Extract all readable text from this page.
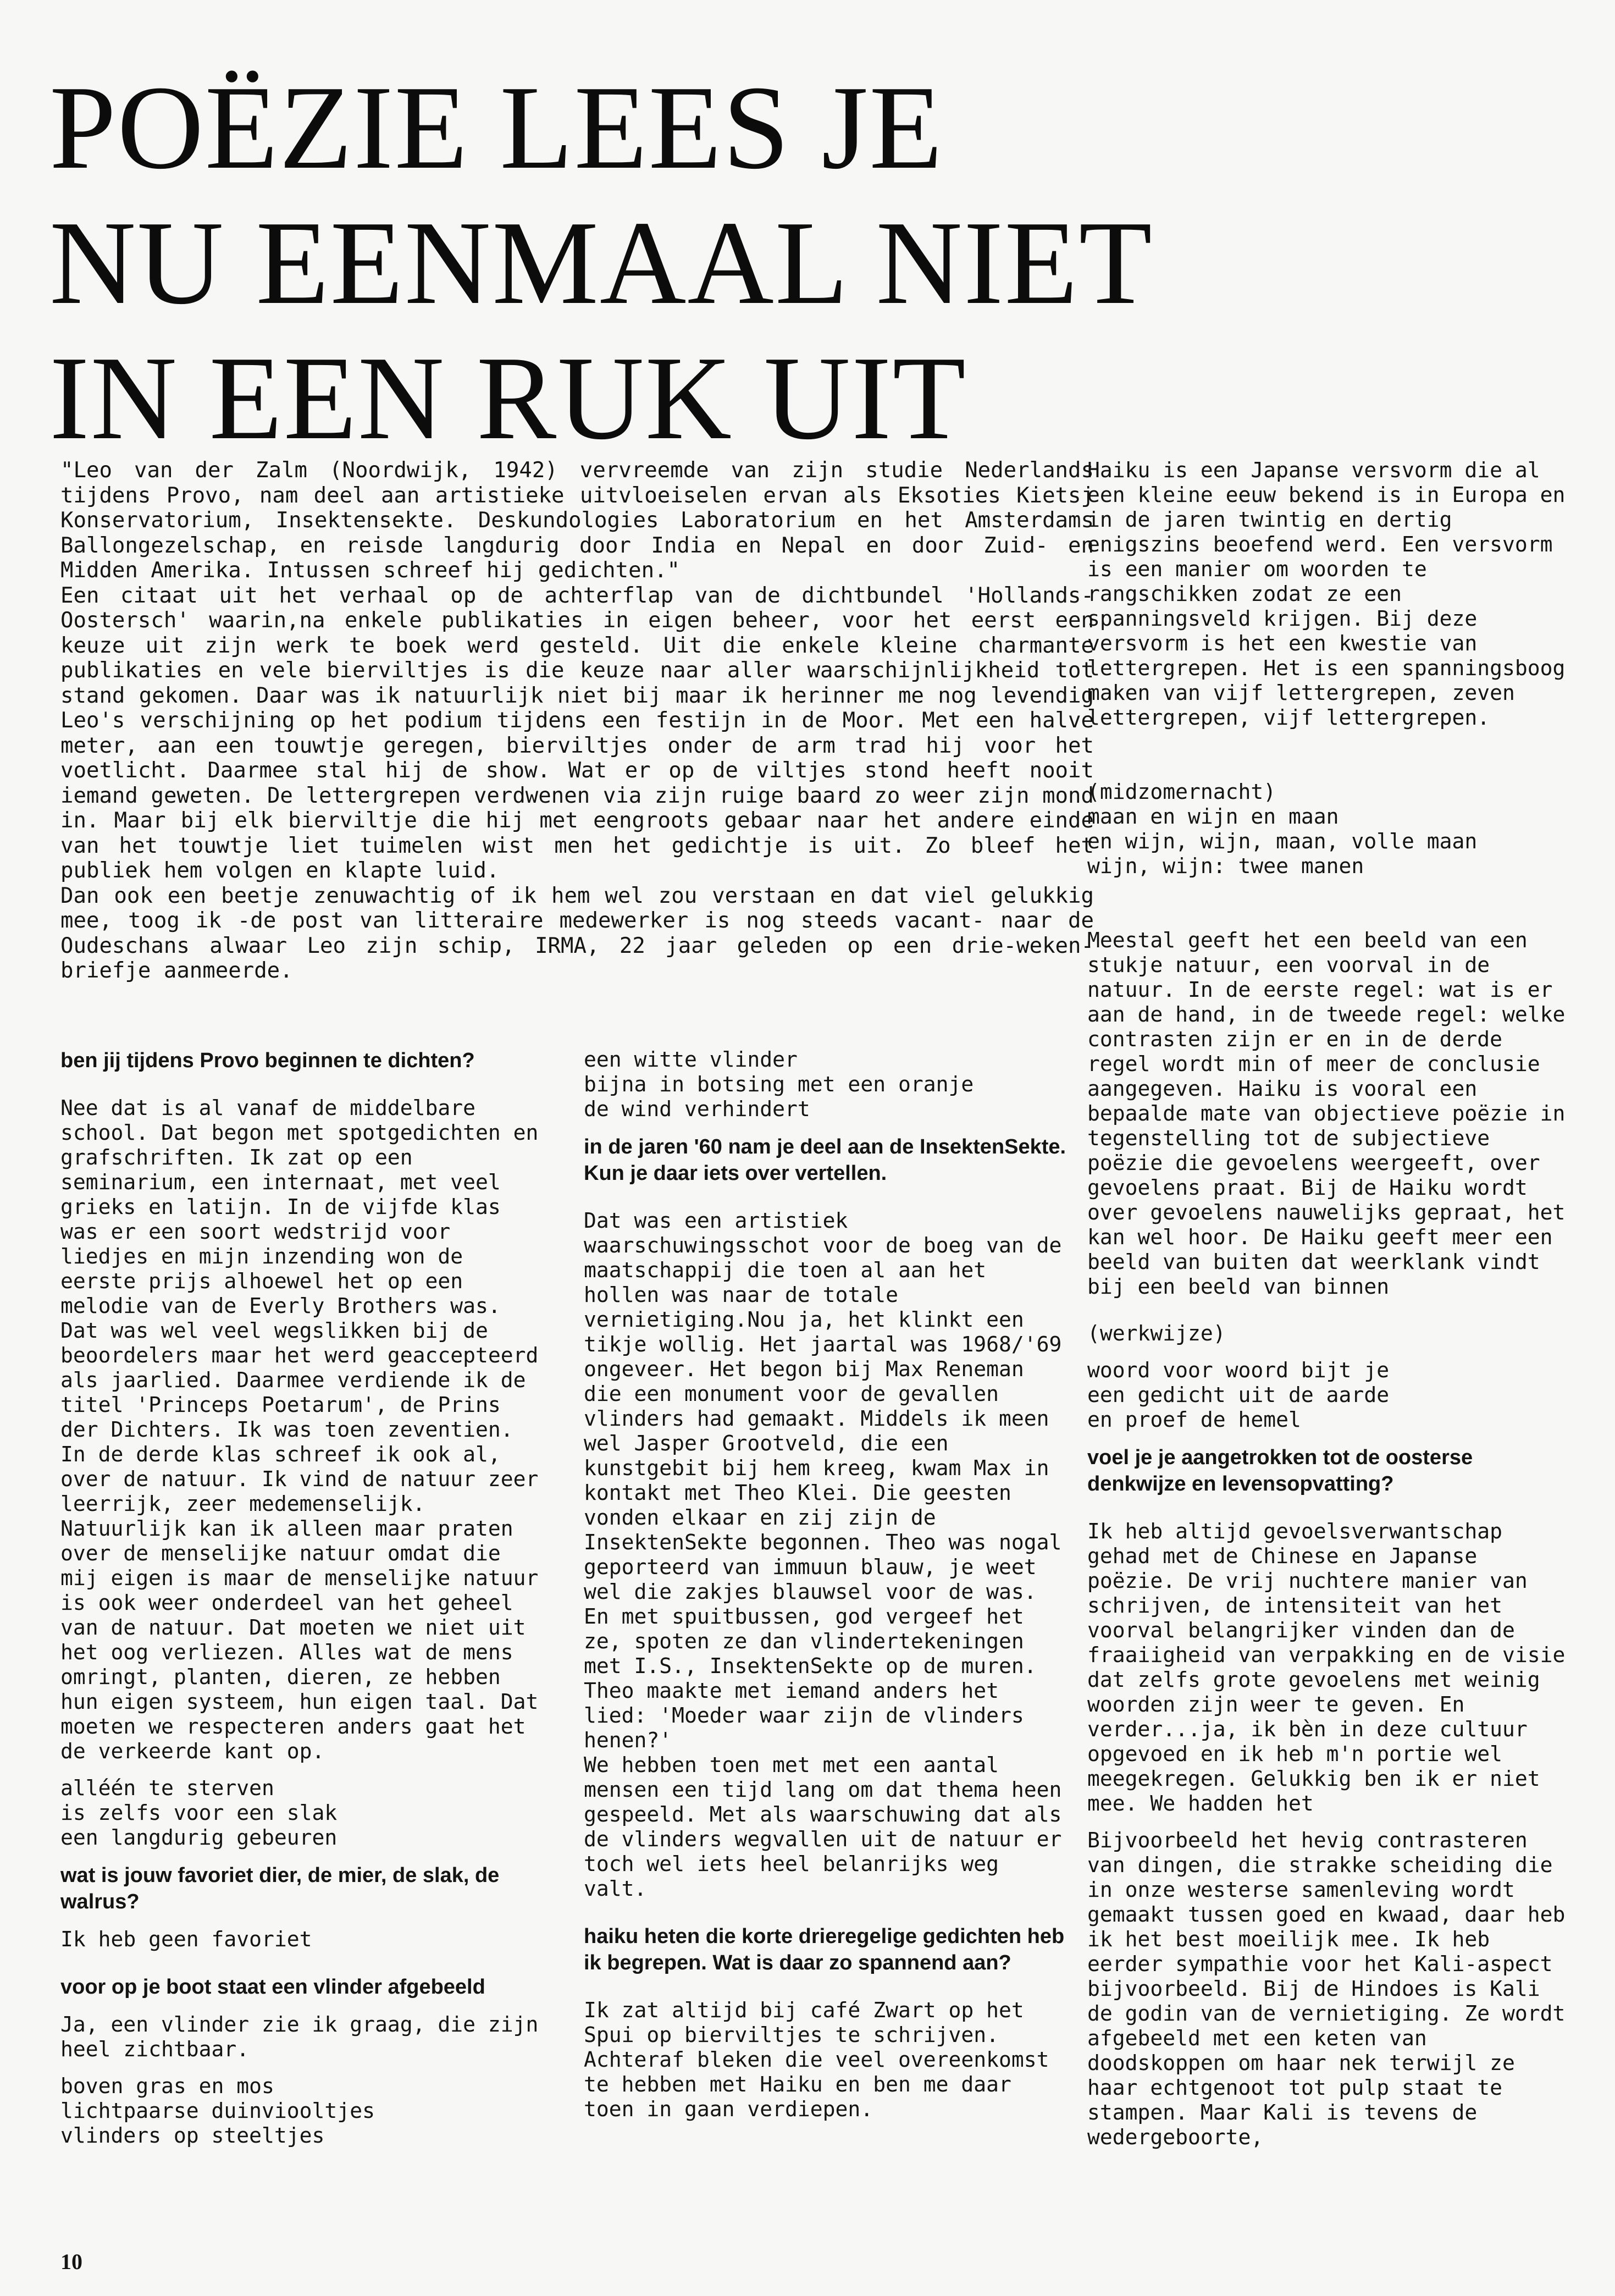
POËZIE LEES JE
NU EENMAAL NIET
IN EEN RUK UIT

"Leo van der Zalm (Noordwijk, 1942) vervreemde van zijn studie Nederlands tijdens Provo, nam deel aan artistieke uitvloeiselen ervan als Eksoties Kietsj Konservatorium, Insektensekte. Deskundologies Laboratorium en het Amsterdams Ballongezelschap, en reisde langdurig door India en Nepal en door Zuid- en Midden Amerika. Intussen schreef hij gedichten."

Een citaat uit het verhaal op de achterflap van de dichtbundel 'Hollands-Oostersch' waarin,na enkele publikaties in eigen beheer, voor het eerst een keuze uit zijn werk te boek werd gesteld. Uit die enkele kleine charmante publikaties en vele bierviltjes is die keuze naar aller waarschijnlijkheid tot stand gekomen. Daar was ik natuurlijk niet bij maar ik herinner me nog levendig Leo's verschijning op het podium tijdens een festijn in de Moor. Met een halve meter, aan een touwtje geregen, bierviltjes onder de arm trad hij voor het voetlicht. Daarmee stal hij de show. Wat er op de viltjes stond heeft nooit iemand geweten. De lettergrepen verdwenen via zijn ruige baard zo weer zijn mond in. Maar bij elk bierviltje die hij met eengroots gebaar naar het andere einde van het touwtje liet tuimelen wist men het gedichtje is uit. Zo bleef het publiek hem volgen en klapte luid.

Dan ook een beetje zenuwachtig of ik hem wel zou verstaan en dat viel gelukkig mee, toog ik -de post van litteraire medewerker is nog steeds vacant- naar de Oudeschans alwaar Leo zijn schip, IRMA, 22 jaar geleden op een drie-weken-briefje aanmeerde.

ben jij tijdens Provo beginnen te dichten?

Nee dat is al vanaf de middelbare school. Dat begon met spotgedichten en grafschriften. Ik zat op een seminarium, een internaat, met veel grieks en latijn. In de vijfde klas was er een soort wedstrijd voor liedjes en mijn inzending won de eerste prijs alhoewel het op een melodie van de Everly Brothers was. Dat was wel veel wegslikken bij de beoordelers maar het werd geaccepteerd als jaarlied. Daarmee verdiende ik de titel 'Princeps Poetarum', de Prins der Dichters. Ik was toen zeventien. In de derde klas schreef ik ook al, over de natuur. Ik vind de natuur zeer leerrijk, zeer medemenselijk. Natuurlijk kan ik alleen maar praten over de menselijke natuur omdat die mij eigen is maar de menselijke natuur is ook weer onderdeel van het geheel van de natuur. Dat moeten we niet uit het oog verliezen. Alles wat de mens omringt, planten, dieren, ze hebben hun eigen systeem, hun eigen taal. Dat moeten we respecteren anders gaat het de verkeerde kant op.

alléén te sterven
is zelfs voor een slak
een langdurig gebeuren

wat is jouw favoriet dier, de mier, de slak, de walrus?

Ik heb geen favoriet

voor op je boot staat een vlinder afgebeeld

Ja, een vlinder zie ik graag, die zijn heel zichtbaar.

boven gras en mos
lichtpaarse duinviooltjes
vlinders op steeltjes

een witte vlinder
bijna in botsing met een oranje
de wind verhindert

in de jaren '60 nam je deel aan de InsektenSekte. Kun je daar iets over vertellen.

Dat was een artistiek waarschuwingsschot voor de boeg van de maatschappij die toen al aan het hollen was naar de totale vernietiging.Nou ja, het klinkt een tikje wollig. Het jaartal was 1968/'69 ongeveer. Het begon bij Max Reneman die een monument voor de gevallen vlinders had gemaakt. Middels ik meen wel Jasper Grootveld, die een kunstgebit bij hem kreeg, kwam Max in kontakt met Theo Klei. Die geesten vonden elkaar en zij zijn de InsektenSekte begonnen. Theo was nogal geporteerd van immuun blauw, je weet wel die zakjes blauwsel voor de was. En met spuitbussen, god vergeef het ze, spoten ze dan vlindertekeningen met I.S., InsektenSekte op de muren. Theo maakte met iemand anders het lied: 'Moeder waar zijn de vlinders henen?'

We hebben toen met met een aantal mensen een tijd lang om dat thema heen gespeeld. Met als waarschuwing dat als de vlinders wegvallen uit de natuur er toch wel iets heel belanrijks weg valt.

haiku heten die korte drieregelige gedichten heb ik begrepen. Wat is daar zo spannend aan?

Ik zat altijd bij café Zwart op het Spui op bierviltjes te schrijven. Achteraf bleken die veel overeenkomst te hebben met Haiku en ben me daar toen in gaan verdiepen.

Haiku is een Japanse versvorm die al een kleine eeuw bekend is in Europa en in de jaren twintig en dertig enigszins beoefend werd. Een versvorm is een manier om woorden te rangschikken zodat ze een spanningsveld krijgen. Bij deze versvorm is het een kwestie van lettergrepen. Het is een spanningsboog maken van vijf lettergrepen, zeven lettergrepen, vijf lettergrepen.

(midzomernacht)

maan en wijn en maan
en wijn, wijn, maan, volle maan
wijn, wijn: twee manen

Meestal geeft het een beeld van een stukje natuur, een voorval in de natuur. In de eerste regel: wat is er aan de hand, in de tweede regel: welke contrasten zijn er en in de derde regel wordt min of meer de conclusie aangegeven. Haiku is vooral een bepaalde mate van objectieve poëzie in tegenstelling tot de subjectieve poëzie die gevoelens weergeeft, over gevoelens praat. Bij de Haiku wordt over gevoelens nauwelijks gepraat, het kan wel hoor. De Haiku geeft meer een beeld van buiten dat weerklank vindt bij een beeld van binnen

(werkwijze)

woord voor woord bijt je
een gedicht uit de aarde
en proef de hemel

voel je je aangetrokken tot de oosterse denkwijze en levensopvatting?

Ik heb altijd gevoelsverwantschap gehad met de Chinese en Japanse poëzie. De vrij nuchtere manier van schrijven, de intensiteit van het voorval belangrijker vinden dan de fraaiigheid van verpakking en de visie dat zelfs grote gevoelens met weinig woorden zijn weer te geven. En verder...ja, ik bèn in deze cultuur opgevoed en ik heb m'n portie wel meegekregen. Gelukkig ben ik er niet mee. We hadden het

Bijvoorbeeld het hevig contrasteren van dingen, die strakke scheiding die in onze westerse samenleving wordt gemaakt tussen goed en kwaad, daar heb ik het best moeilijk mee. Ik heb eerder sympathie voor het Kali-aspect bijvoorbeeld. Bij de Hindoes is Kali de godin van de vernietiging. Ze wordt afgebeeld met een keten van doodskoppen om haar nek terwijl ze haar echtgenoot tot pulp staat te stampen. Maar Kali is tevens de wedergeboorte,

10
